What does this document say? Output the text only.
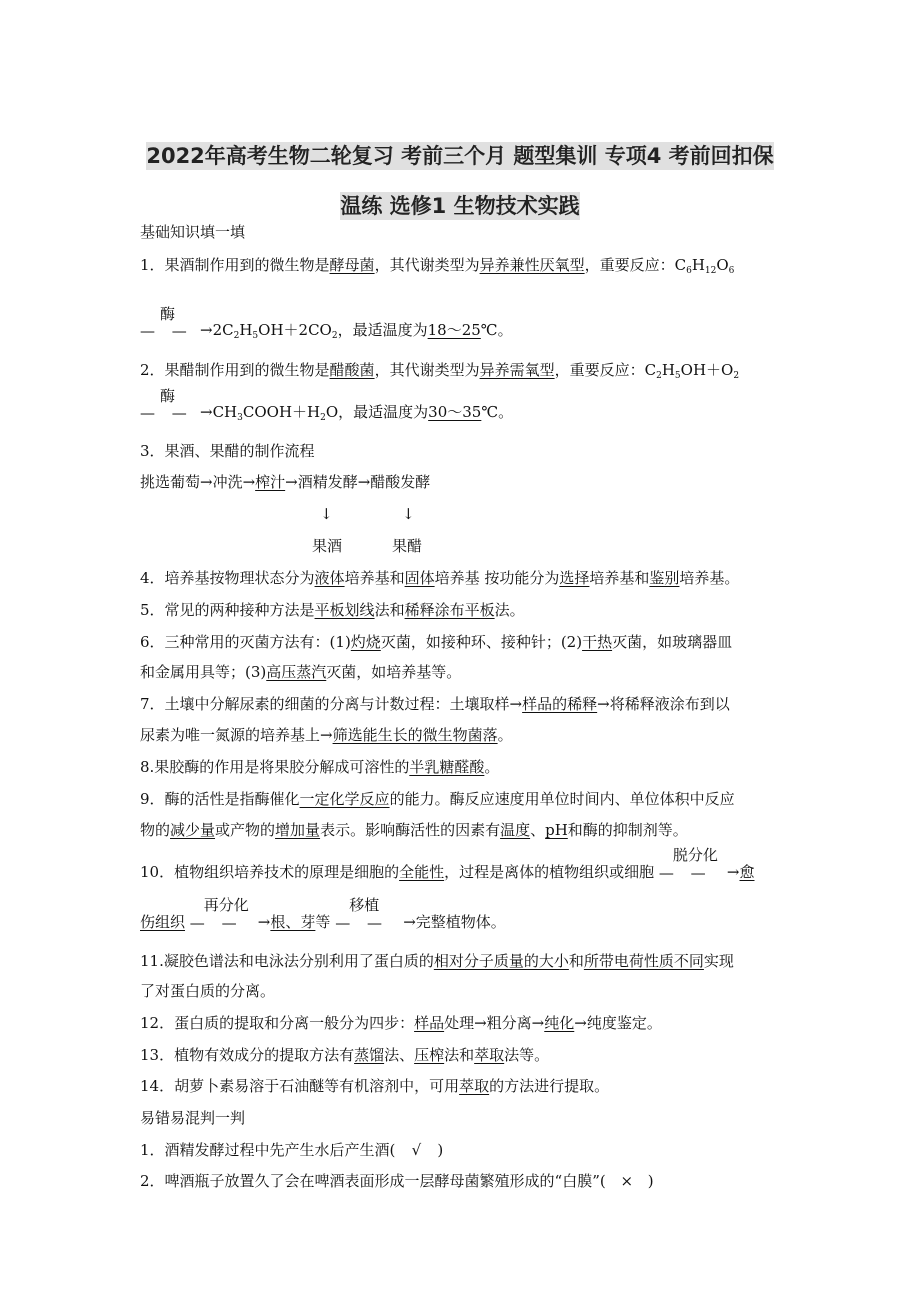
2022年高考生物二轮复习 考前三个月 题型集训 专项4 考前回扣保
温练 选修1 生物技术实践
基础知识填一填
1．果酒制作用到的微生物是酵母菌，其代谢类型为异养兼性厌氧型，重要反应：$C_6H_{12}O_6$
酶
— — $\to 2C_2H_5OH+2CO_2$，最适温度为18～25℃。
2．果醋制作用到的微生物是醋酸菌，其代谢类型为异养需氧型，重要反应：$C_2H_5OH+O_2$
酶
— — $\to CH_3COOH+H_2O$，最适温度为30～35℃。
3．果酒、果醋的制作流程
挑选葡萄→冲洗→榨汁→酒精发酵→醋酸发酵
↓	↓
果酒	果醋
4．培养基按物理状态分为液体培养基和固体培养基 按功能分为选择培养基和鉴别培养基。
5．常见的两种接种方法是平板划线法和稀释涂布平板法。
6．三种常用的灭菌方法有：(1)灼烧灭菌，如接种环、接种针；(2)干热灭菌，如玻璃器皿
和金属用具等；(3)高压蒸汽灭菌，如培养基等。
7．土壤中分解尿素的细菌的分离与计数过程：土壤取样→样品的稀释→将稀释液涂布到以
尿素为唯一氮源的培养基上→筛选能生长的微生物菌落。
8.果胶酶的作用是将果胶分解成可溶性的半乳糖醛酸。
9．酶的活性是指酶催化一定化学反应的能力。酶反应速度用单位时间内、单位体积中反应
物的减少量或产物的增加量表示。影响酶活性的因素有温度、pH和酶的抑制剂等。
10．植物组织培养技术的原理是细胞的全能性，过程是离体的植物组织或细胞
脱分化
— — →愈
伤组织
再分化
— — →根、芽等
移植
— — →完整植物体。
11.凝胶色谱法和电泳法分别利用了蛋白质的相对分子质量的大小和所带电荷性质不同实现
了对蛋白质的分离。
12．蛋白质的提取和分离一般分为四步：样品处理→粗分离→纯化→纯度鉴定。
13．植物有效成分的提取方法有蒸馏法、压榨法和萃取法等。
14．胡萝卜素易溶于石油醚等有机溶剂中，可用萃取的方法进行提取。
易错易混判一判
1．酒精发酵过程中先产生水后产生酒( √ )
2．啤酒瓶子放置久了会在啤酒表面形成一层酵母菌繁殖形成的“白膜”( × )
